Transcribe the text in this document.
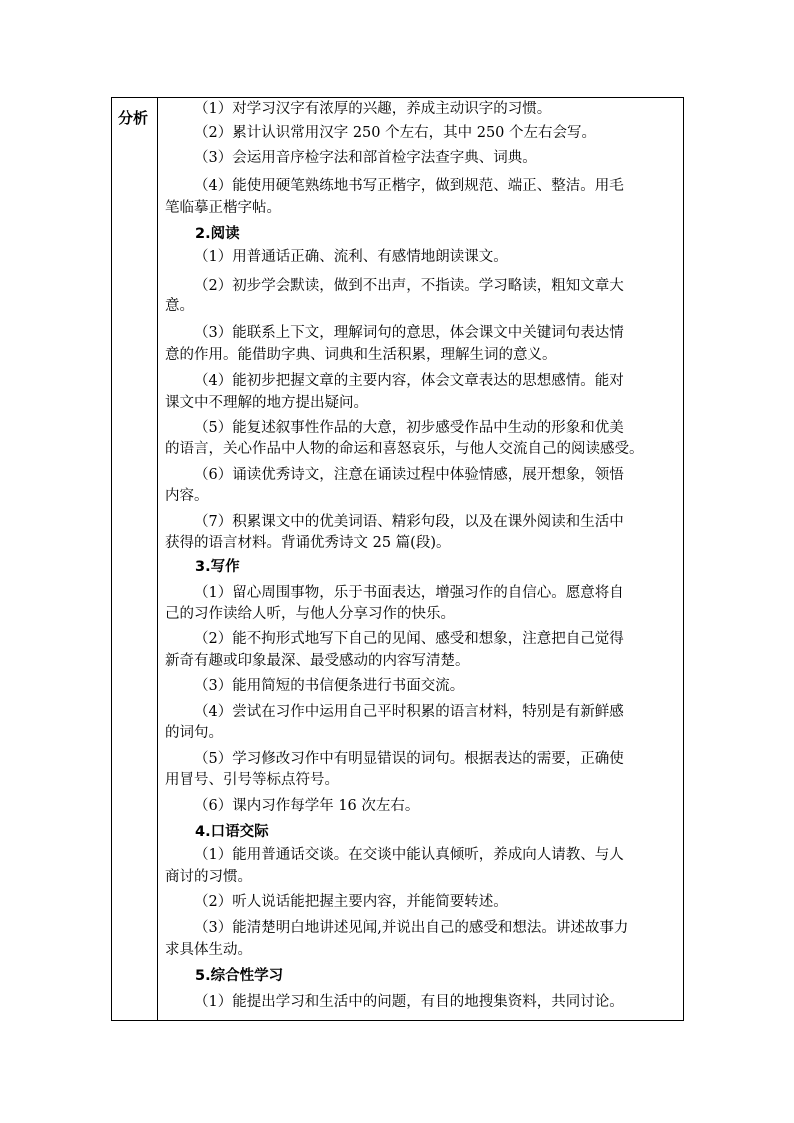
分析	（1）对学习汉字有浓厚的兴趣，养成主动识字的习惯。
（2）累计认识常用汉字 250 个左右，其中 250 个左右会写。
（3）会运用音序检字法和部首检字法查字典、词典。
（4）能使用硬笔熟练地书写正楷字，做到规范、端正、整洁。用毛
笔临摹正楷字帖。
2.阅读
（1）用普通话正确、流利、有感情地朗读课文。
（2）初步学会默读，做到不出声，不指读。学习略读，粗知文章大
意。
（3）能联系上下文，理解词句的意思，体会课文中关键词句表达情
意的作用。能借助字典、词典和生活积累，理解生词的意义。
（4）能初步把握文章的主要内容，体会文章表达的思想感情。能对
课文中不理解的地方提出疑问。
（5）能复述叙事性作品的大意，初步感受作品中生动的形象和优美
的语言，关心作品中人物的命运和喜怒哀乐，与他人交流自己的阅读感受。
（6）诵读优秀诗文，注意在诵读过程中体验情感，展开想象，领悟
内容。
（7）积累课文中的优美词语、精彩句段，以及在课外阅读和生活中
获得的语言材料。背诵优秀诗文 25 篇(段)。
3.写作
（1）留心周围事物，乐于书面表达，增强习作的自信心。愿意将自
己的习作读给人听，与他人分享习作的快乐。
（2）能不拘形式地写下自己的见闻、感受和想象，注意把自己觉得
新奇有趣或印象最深、最受感动的内容写清楚。
（3）能用简短的书信便条进行书面交流。
（4）尝试在习作中运用自己平时积累的语言材料，特别是有新鲜感
的词句。
（5）学习修改习作中有明显错误的词句。根据表达的需要，正确使
用冒号、引号等标点符号。
（6）课内习作每学年 16 次左右。
4.口语交际
（1）能用普通话交谈。在交谈中能认真倾听，养成向人请教、与人
商讨的习惯。
（2）听人说话能把握主要内容，并能简要转述。
（3）能清楚明白地讲述见闻,并说出自己的感受和想法。讲述故事力
求具体生动。
5.综合性学习
（1）能提出学习和生活中的问题，有目的地搜集资料，共同讨论。
